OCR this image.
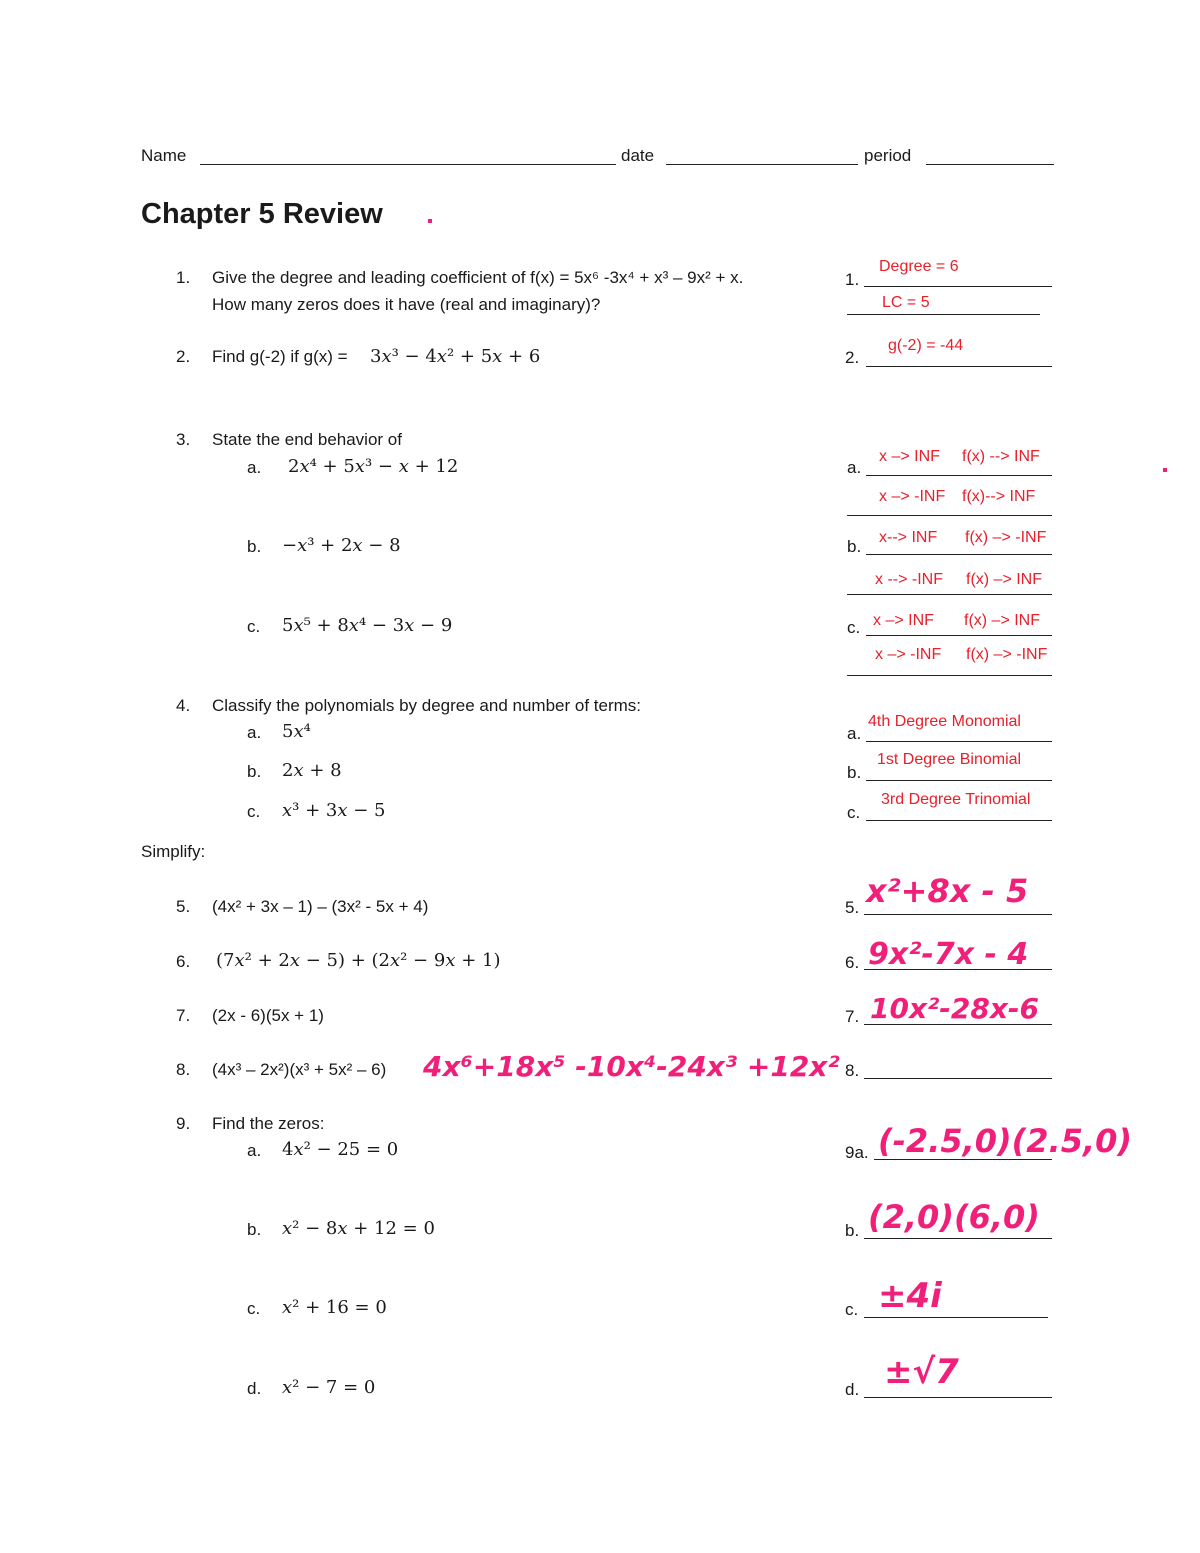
Name	date	period
Chapter 5 Review
1. Give the degree and leading coefficient of f(x) = 5x⁶ -3x⁴ + x³ – 9x² + x.
How many zeros does it have (real and imaginary)?
1.
Degree = 6
LC = 5
2. Find g(-2) if g(x) = 3𝑥³ − 4𝑥² + 5𝑥 + 6	2.
g(-2) = -44
3. State the end behavior of
a. 2𝑥⁴ + 5𝑥³ − 𝑥 + 12
b. −𝑥³ + 2𝑥 − 8
c. 5𝑥⁵ + 8𝑥⁴ − 3𝑥 − 9
a.
x –> INF f(x) --> INF
x –> -INF f(x)--> INF
b. x--> INF f(x) –> -INF
x --> -INF f(x) –> INF
c. x –> INF f(x) –> INF
x –> -INF f(x) –> -INF
4. Classify the polynomials by degree and number of terms:
a. 5𝑥⁴
b. 2𝑥 + 8
c. 𝑥³ + 3𝑥 − 5
a.
4th Degree Monomial
b.
1st Degree Binomial
c.
3rd Degree Trinomial
Simplify:
5. (4x² + 3x – 1) – (3x² - 5x + 4)	5. x²+8x - 5
6. (7𝑥² + 2𝑥 − 5) + (2𝑥² − 9𝑥 + 1)	6. 9x²-7x - 4
7. (2x - 6)(5x + 1)	7. 10x²-28x-6
8. (4x³ – 2x²)(x³ + 5x² – 6) 4x⁶+18x⁵ -10x⁴-24x³ +12x² 8.
9. Find the zeros:
a. 4𝑥² − 25 = 0
b. 𝑥² − 8𝑥 + 12 = 0
c. 𝑥² + 16 = 0
d. 𝑥² − 7 = 0
9a. (-2.5,0)(2.5,0)
b. (2,0)(6,0)
c. ±4i
d. ±√7
